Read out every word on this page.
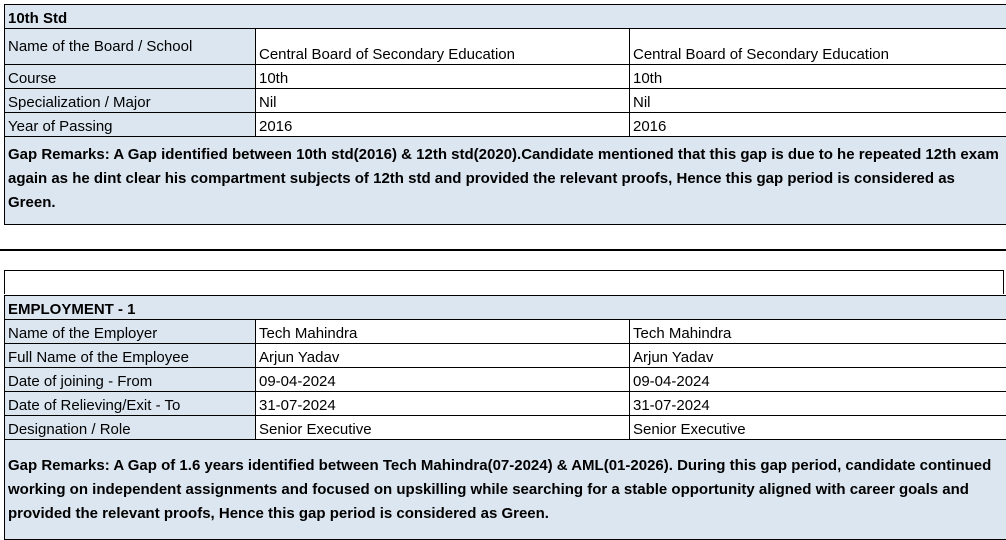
10th Std		
Name of the Board / School	Central Board of Secondary Education	Central Board of Secondary Education
Course	10th	10th
Specialization / Major	Nil	Nil
Year of Passing	2016	2016
Gap Remarks: A Gap identified between 10th std(2016) & 12th std(2020).Candidate mentioned that this gap is due to he repeated 12th exam again as he dint clear his compartment subjects of 12th std and provided the relevant proofs, Hence this gap period is considered as Green.		
EMPLOYMENT - 1		
Name of the Employer	Tech Mahindra	Tech Mahindra
Full Name of the Employee	Arjun Yadav	Arjun Yadav
Date of joining - From	09-04-2024	09-04-2024
Date of Relieving/Exit - To	31-07-2024	31-07-2024
Designation / Role	Senior Executive	Senior Executive
Gap Remarks: A Gap of 1.6 years identified between Tech Mahindra(07-2024) & AML(01-2026). During this gap period, candidate continued working on independent assignments and focused on upskilling while searching for a stable opportunity aligned with career goals and provided the relevant proofs, Hence this gap period is considered as Green.		
